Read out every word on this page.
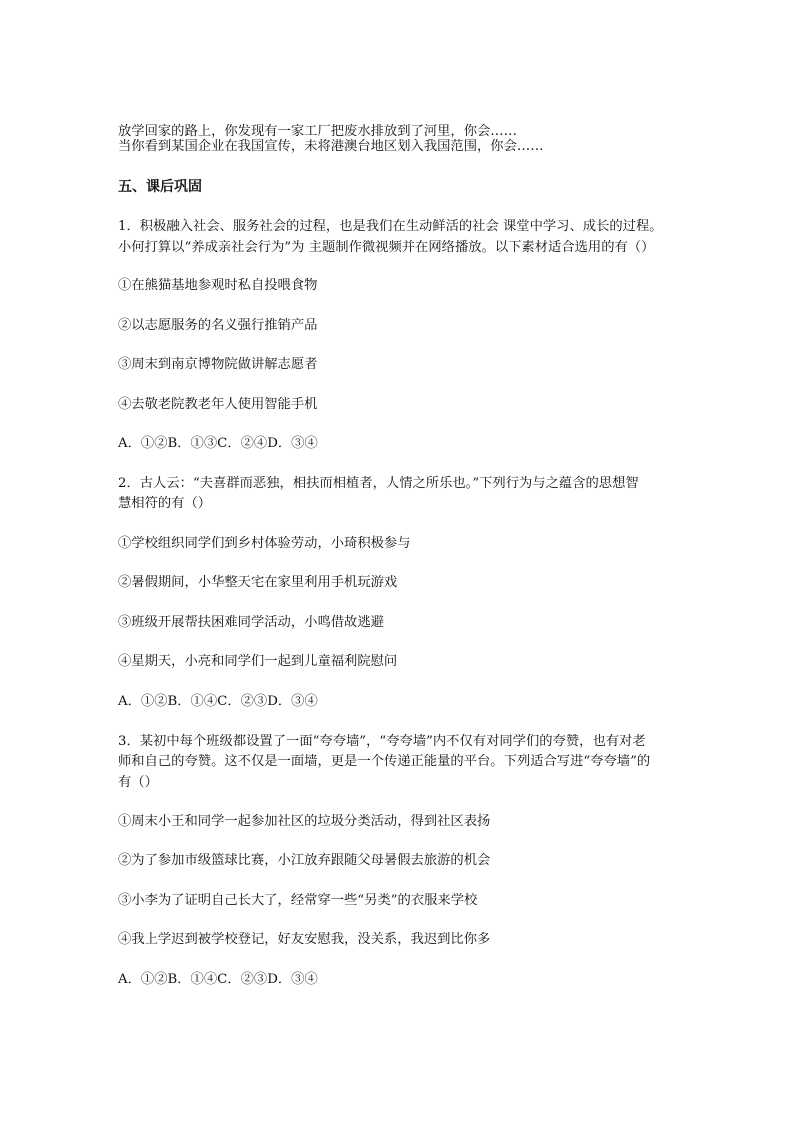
放学回家的路上，你发现有一家工厂把废水排放到了河里，你会……
当你看到某国企业在我国宣传，未将港澳台地区划入我国范围，你会……
五、课后巩固
1．积极融入社会、服务社会的过程，也是我们在生动鲜活的社会 课堂中学习、成长的过程。
小何打算以“养成亲社会行为”为 主题制作微视频并在网络播放。以下素材适合选用的有（）
①在熊猫基地参观时私自投喂食物
②以志愿服务的名义强行推销产品
③周末到南京博物院做讲解志愿者
④去敬老院教老年人使用智能手机
A．①②B．①③C．②④D．③④
2．古人云：“夫喜群而恶独，相扶而相植者，人情之所乐也。”下列行为与之蕴含的思想智
慧相符的有（）
①学校组织同学们到乡村体验劳动，小琦积极参与
②暑假期间，小华整天宅在家里利用手机玩游戏
③班级开展帮扶困难同学活动，小鸣借故逃避
④星期天，小亮和同学们一起到儿童福利院慰问
A．①②B．①④C．②③D．③④
3．某初中每个班级都设置了一面“夸夸墙”，“夸夸墙”内不仅有对同学们的夸赞，也有对老
师和自己的夸赞。这不仅是一面墙，更是一个传递正能量的平台。下列适合写进“夸夸墙”的
有（）
①周末小王和同学一起参加社区的垃圾分类活动，得到社区表扬
②为了参加市级篮球比赛，小江放弃跟随父母暑假去旅游的机会
③小李为了证明自己长大了，经常穿一些“另类”的衣服来学校
④我上学迟到被学校登记，好友安慰我，没关系，我迟到比你多
A．①②B．①④C．②③D．③④
